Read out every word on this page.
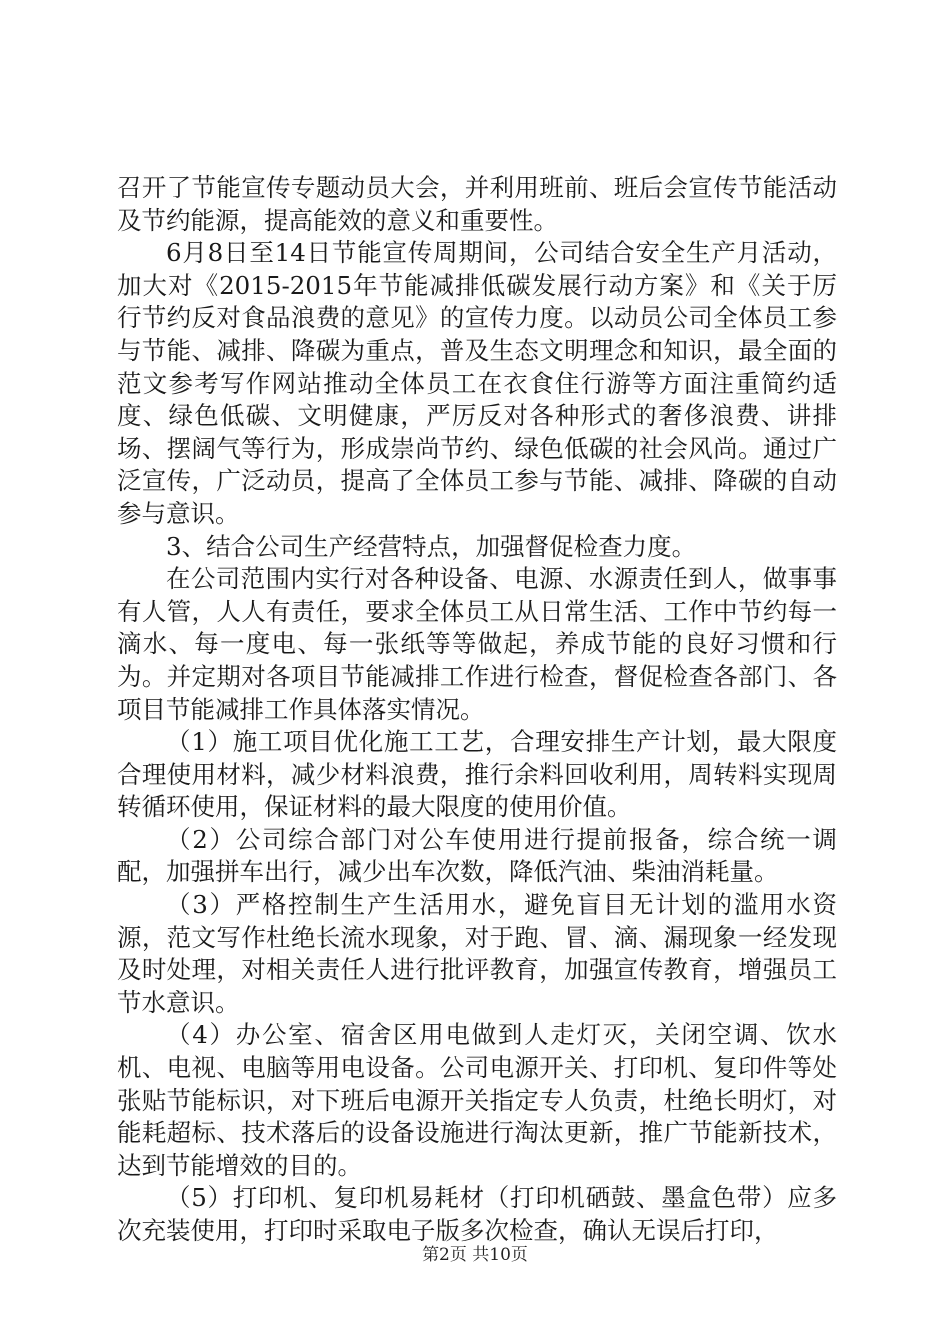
召开了节能宣传专题动员大会，并利用班前、班后会宣传节能活动及节约能源，提高能效的意义和重要性。

6月8日至14日节能宣传周期间，公司结合安全生产月活动，加大对《2015-2015年节能减排低碳发展行动方案》和《关于厉行节约反对食品浪费的意见》的宣传力度。以动员公司全体员工参与节能、减排、降碳为重点，普及生态文明理念和知识，最全面的范文参考写作网站推动全体员工在衣食住行游等方面注重简约适度、绿色低碳、文明健康，严厉反对各种形式的奢侈浪费、讲排场、摆阔气等行为，形成崇尚节约、绿色低碳的社会风尚。通过广泛宣传，广泛动员，提高了全体员工参与节能、减排、降碳的自动参与意识。

3、结合公司生产经营特点，加强督促检查力度。

在公司范围内实行对各种设备、电源、水源责任到人，做事事有人管，人人有责任，要求全体员工从日常生活、工作中节约每一滴水、每一度电、每一张纸等等做起，养成节能的良好习惯和行为。并定期对各项目节能减排工作进行检查，督促检查各部门、各项目节能减排工作具体落实情况。

（1）施工项目优化施工工艺，合理安排生产计划，最大限度合理使用材料，减少材料浪费，推行余料回收利用，周转料实现周转循环使用，保证材料的最大限度的使用价值。

（2）公司综合部门对公车使用进行提前报备，综合统一调配，加强拼车出行，减少出车次数，降低汽油、柴油消耗量。

（3）严格控制生产生活用水，避免盲目无计划的滥用水资源，范文写作杜绝长流水现象，对于跑、冒、滴、漏现象一经发现及时处理，对相关责任人进行批评教育，加强宣传教育，增强员工节水意识。

（4）办公室、宿舍区用电做到人走灯灭，关闭空调、饮水机、电视、电脑等用电设备。公司电源开关、打印机、复印件等处张贴节能标识，对下班后电源开关指定专人负责，杜绝长明灯，对能耗超标、技术落后的设备设施进行淘汰更新，推广节能新技术，达到节能增效的目的。

（5）打印机、复印机易耗材（打印机硒鼓、墨盒色带）应多次充装使用，打印时采取电子版多次检查，确认无误后打印，

第2页 共10页
